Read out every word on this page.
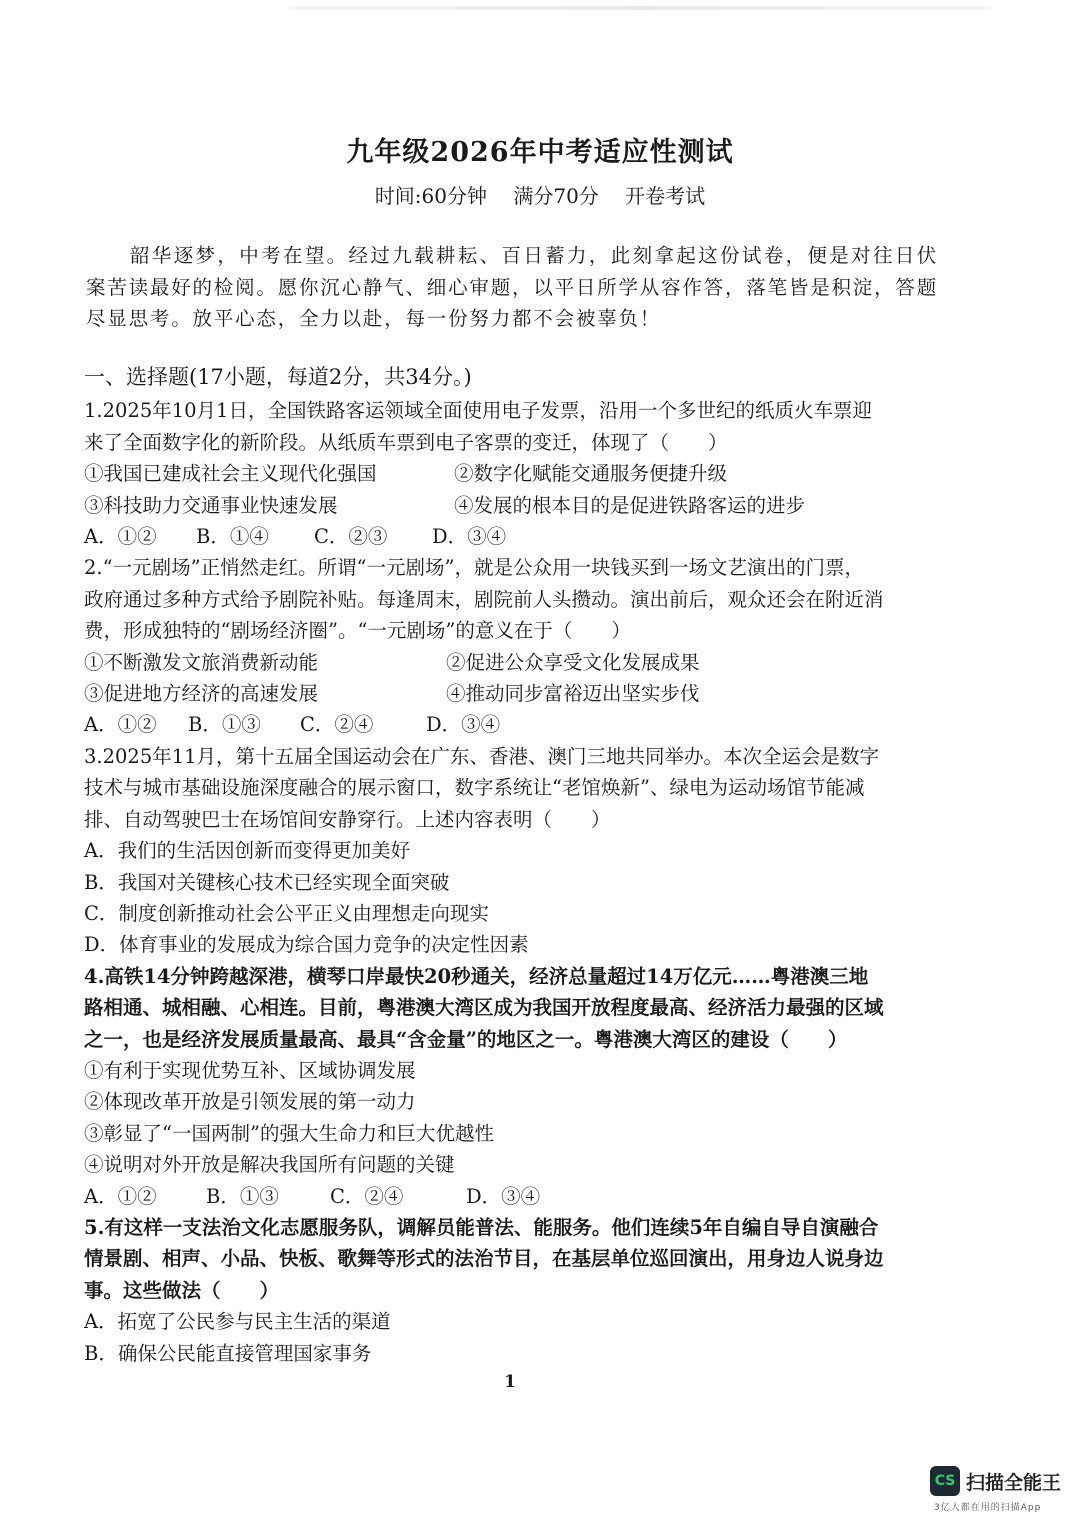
九年级2026年中考适应性测试
时间:60分钟 满分70分 开卷考试
韶华逐梦，中考在望。经过九载耕耘、百日蓄力，此刻拿起这份试卷，便是对往日伏案苦读最好的检阅。愿你沉心静气、细心审题，以平日所学从容作答，落笔皆是积淀，答题尽显思考。放平心态，全力以赴，每一份努力都不会被辜负！
一、选择题(17小题，每道2分，共34分。)
1.2025年10月1日，全国铁路客运领域全面使用电子发票，沿用一个多世纪的纸质火车票迎
来了全面数字化的新阶段。从纸质车票到电子客票的变迁，体现了（　　）
①我国已建成社会主义现代化强国	②数字化赋能交通服务便捷升级
③科技助力交通事业快速发展	④发展的根本目的是促进铁路客运的进步
A．①②	B．①④	C．②③	D．③④
2.“一元剧场”正悄然走红。所谓“一元剧场”，就是公众用一块钱买到一场文艺演出的门票，
政府通过多种方式给予剧院补贴。每逢周末，剧院前人头攒动。演出前后，观众还会在附近消
费，形成独特的“剧场经济圈”。“一元剧场”的意义在于（　　）
①不断激发文旅消费新动能	②促进公众享受文化发展成果
③促进地方经济的高速发展	④推动同步富裕迈出坚实步伐
A．①②	B．①③	C．②④	D．③④
3.2025年11月，第十五届全国运动会在广东、香港、澳门三地共同举办。本次全运会是数字
技术与城市基础设施深度融合的展示窗口，数字系统让“老馆焕新”、绿电为运动场馆节能减
排、自动驾驶巴士在场馆间安静穿行。上述内容表明（　　）
A．我们的生活因创新而变得更加美好
B．我国对关键核心技术已经实现全面突破
C．制度创新推动社会公平正义由理想走向现实
D．体育事业的发展成为综合国力竞争的决定性因素
4.高铁14分钟跨越深港，横琴口岸最快20秒通关，经济总量超过14万亿元……粤港澳三地
路相通、城相融、心相连。目前，粤港澳大湾区成为我国开放程度最高、经济活力最强的区域
之一，也是经济发展质量最高、最具“含金量”的地区之一。粤港澳大湾区的建设（　　）
①有利于实现优势互补、区域协调发展
②体现改革开放是引领发展的第一动力
③彰显了“一国两制”的强大生命力和巨大优越性
④说明对外开放是解决我国所有问题的关键
A．①②	B．①③	C．②④	D．③④
5.有这样一支法治文化志愿服务队，调解员能普法、能服务。他们连续5年自编自导自演融合
情景剧、相声、小品、快板、歌舞等形式的法治节目，在基层单位巡回演出，用身边人说身边
事。这些做法（　　）
A．拓宽了公民参与民主生活的渠道
B．确保公民能直接管理国家事务
1
CS 扫描全能王
3亿人都在用的扫描App
